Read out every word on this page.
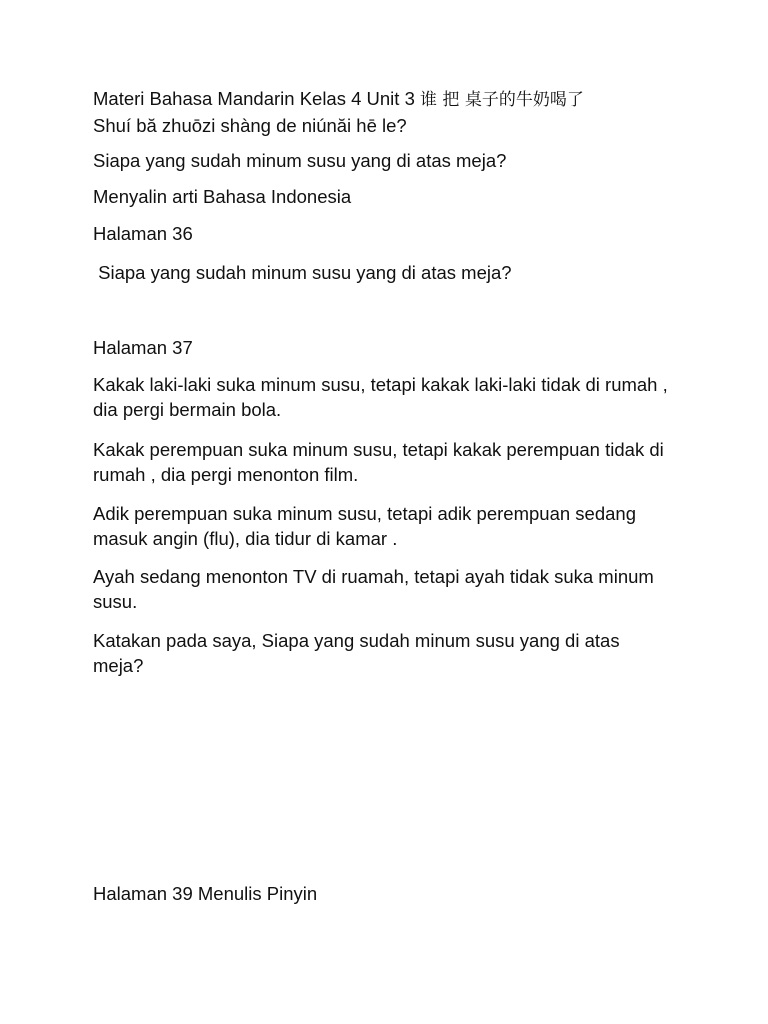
Materi Bahasa Mandarin Kelas 4 Unit 3 谁 把 桌子的牛奶喝了
Shuí bă zhuōzi shàng de niúnăi hē le?

Siapa yang sudah minum susu yang di atas meja?

Menyalin arti Bahasa Indonesia

Halaman 36

Siapa yang sudah minum susu yang di atas meja?

Halaman 37

Kakak laki-laki suka minum susu, tetapi kakak laki-laki tidak di rumah , dia pergi bermain bola.

Kakak perempuan suka minum susu, tetapi kakak perempuan tidak di rumah , dia pergi menonton film.

Adik perempuan suka minum susu, tetapi adik perempuan sedang masuk angin (flu), dia tidur di kamar .

Ayah sedang menonton TV di ruamah, tetapi ayah tidak suka minum susu.

Katakan pada saya, Siapa yang sudah minum susu yang di atas meja?

Halaman 39 Menulis Pinyin
